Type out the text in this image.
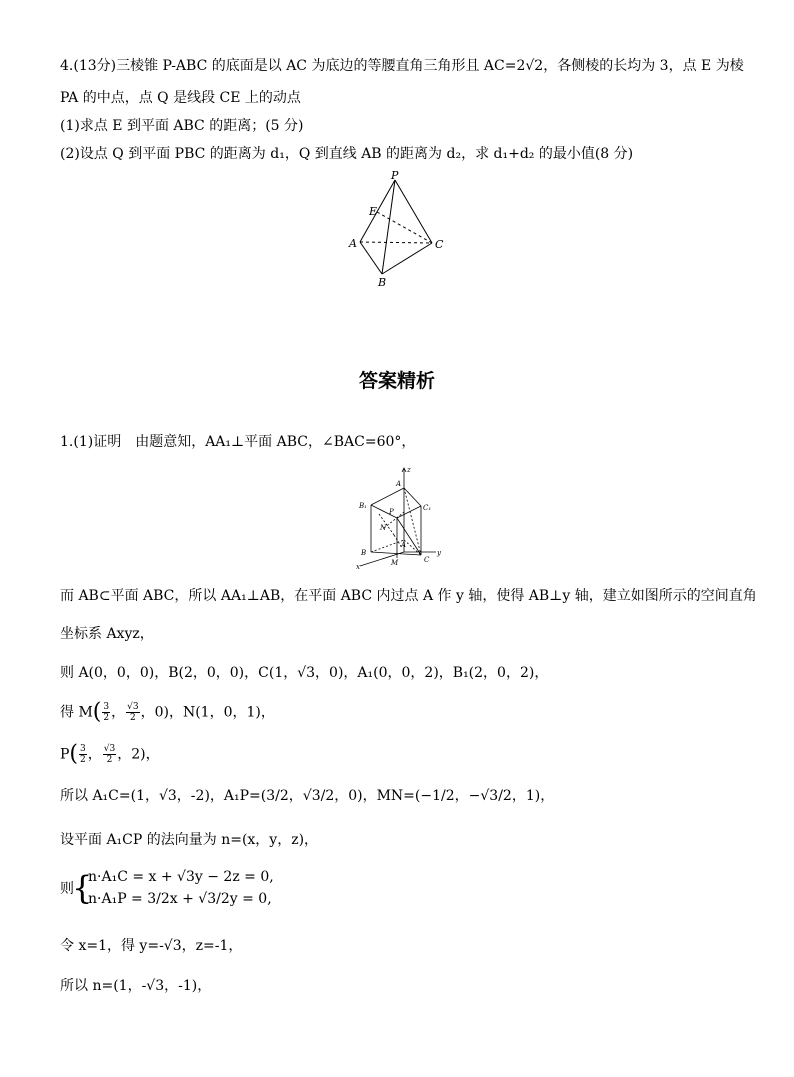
4.(13分)三棱锥 P-ABC 的底面是以 AC 为底边的等腰直角三角形且 AC=2√2，各侧棱的长均为 3，点 E 为棱
PA 的中点，点 Q 是线段 CE 上的动点
(1)求点 E 到平面 ABC 的距离；(5 分)
(2)设点 Q 到平面 PBC 的距离为 d₁，Q 到直线 AB 的距离为 d₂，求 d₁+d₂ 的最小值(8 分)
P
E
A	C
B
答案精析
1.(1)证明　由题意知，AA₁⊥平面 ABC，∠BAC=60°，
z
A
B₁	C₁
P
N
B
M	C
A
x
y
而 AB⊂平面 ABC，所以 AA₁⊥AB，在平面 ABC 内过点 A 作 y 轴，使得 AB⊥y 轴，建立如图所示的空间直角
坐标系 Axyz，
则 A(0，0，0)，B(2，0，0)，C(1，√3，0)，A₁(0，0，2)，B₁(2，0，2)，
得 $M( \frac{3}{2}$ ， $\frac{√3}{2}$ ，0)，N(1，0，1)，
$P( \frac{3}{2}$ ， $\frac{√3}{2}$ ，2)，
所以 A₁C=(1，√3，-2)，A₁P=(3/2，√3/2，0)，MN=(−1/2，−√3/2，1)，
设平面 A₁CP 的法向量为 n=(x，y，z)，
则
{
n·A₁C = x + √3y − 2z = 0,
n·A₁P = 3/2x + √3/2y = 0,
令 x=1，得 y=-√3，z=-1，
所以 n=(1，-√3，-1)，
